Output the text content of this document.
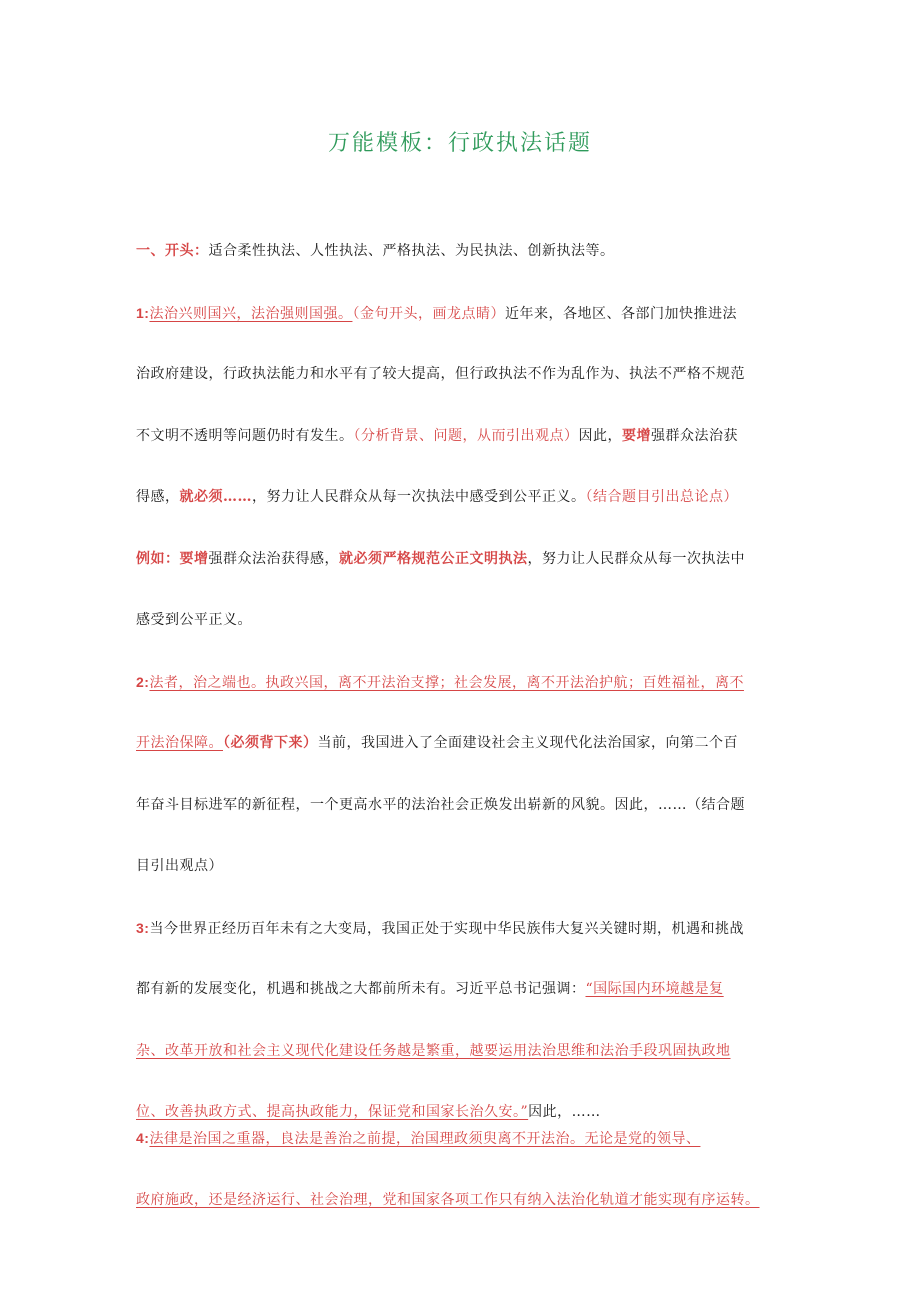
万能模板：行政执法话题
一、开头：适合柔性执法、人性执法、严格执法、为民执法、创新执法等。
1:法治兴则国兴，法治强则国强。（金句开头，画龙点睛）近年来，各地区、各部门加快推进法
治政府建设，行政执法能力和水平有了较大提高，但行政执法不作为乱作为、执法不严格不规范
不文明不透明等问题仍时有发生。（分析背景、问题，从而引出观点）因此，要增强群众法治获
得感，就必须……，努力让人民群众从每一次执法中感受到公平正义。（结合题目引出总论点）
例如：要增强群众法治获得感，就必须严格规范公正文明执法，努力让人民群众从每一次执法中
感受到公平正义。
2:法者，治之端也。执政兴国，离不开法治支撑；社会发展，离不开法治护航；百姓福祉，离不
开法治保障。（必须背下来）当前，我国进入了全面建设社会主义现代化法治国家，向第二个百
年奋斗目标进军的新征程，一个更高水平的法治社会正焕发出崭新的风貌。因此，……（结合题
目引出观点）
3:当今世界正经历百年未有之大变局，我国正处于实现中华民族伟大复兴关键时期，机遇和挑战
都有新的发展变化，机遇和挑战之大都前所未有。习近平总书记强调：“国际国内环境越是复
杂、改革开放和社会主义现代化建设任务越是繁重，越要运用法治思维和法治手段巩固执政地
位、改善执政方式、提高执政能力，保证党和国家长治久安。”因此，……
4:法律是治国之重器，良法是善治之前提，治国理政须臾离不开法治。无论是党的领导、
政府施政，还是经济运行、社会治理，党和国家各项工作只有纳入法治化轨道才能实现有序运转。
